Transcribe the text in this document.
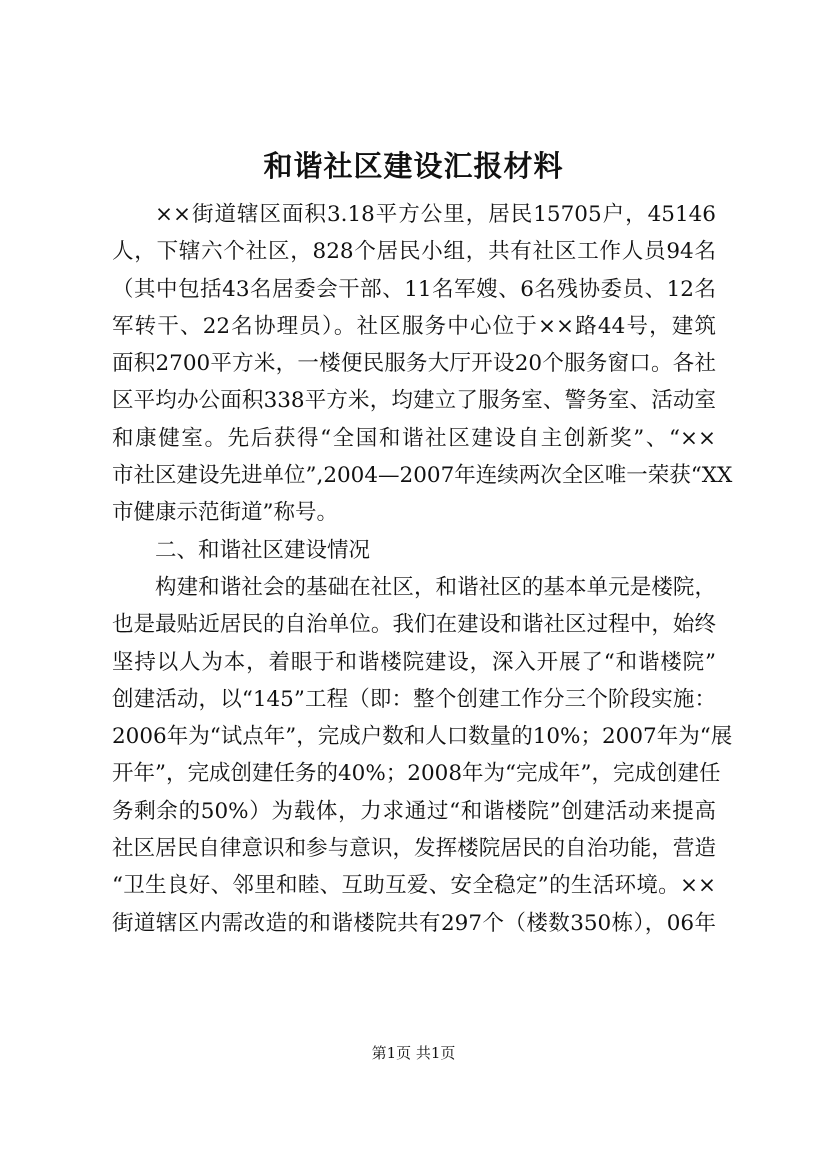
和谐社区建设汇报材料
××街道辖区面积3.18平方公里，居民15705户，45146
人，下辖六个社区，828个居民小组，共有社区工作人员94名
（其中包括43名居委会干部、11名军嫂、6名残协委员、12名
军转干、22名协理员）。社区服务中心位于××路44号，建筑
面积2700平方米，一楼便民服务大厅开设20个服务窗口。各社
区平均办公面积338平方米，均建立了服务室、警务室、活动室
和康健室。先后获得“全国和谐社区建设自主创新奖”、“××
市社区建设先进单位”,2004—2007年连续两次全区唯一荣获“XX
市健康示范街道”称号。
二、和谐社区建设情况
构建和谐社会的基础在社区，和谐社区的基本单元是楼院，
也是最贴近居民的自治单位。我们在建设和谐社区过程中，始终
坚持以人为本，着眼于和谐楼院建设，深入开展了“和谐楼院”
创建活动，以“145”工程（即：整个创建工作分三个阶段实施：
2006年为“试点年”，完成户数和人口数量的10%；2007年为“展
开年”，完成创建任务的40%；2008年为“完成年”，完成创建任
务剩余的50%）为载体，力求通过“和谐楼院”创建活动来提高
社区居民自律意识和参与意识，发挥楼院居民的自治功能，营造
“卫生良好、邻里和睦、互助互爱、安全稳定”的生活环境。××
街道辖区内需改造的和谐楼院共有297个（楼数350栋），06年
第1页 共1页
